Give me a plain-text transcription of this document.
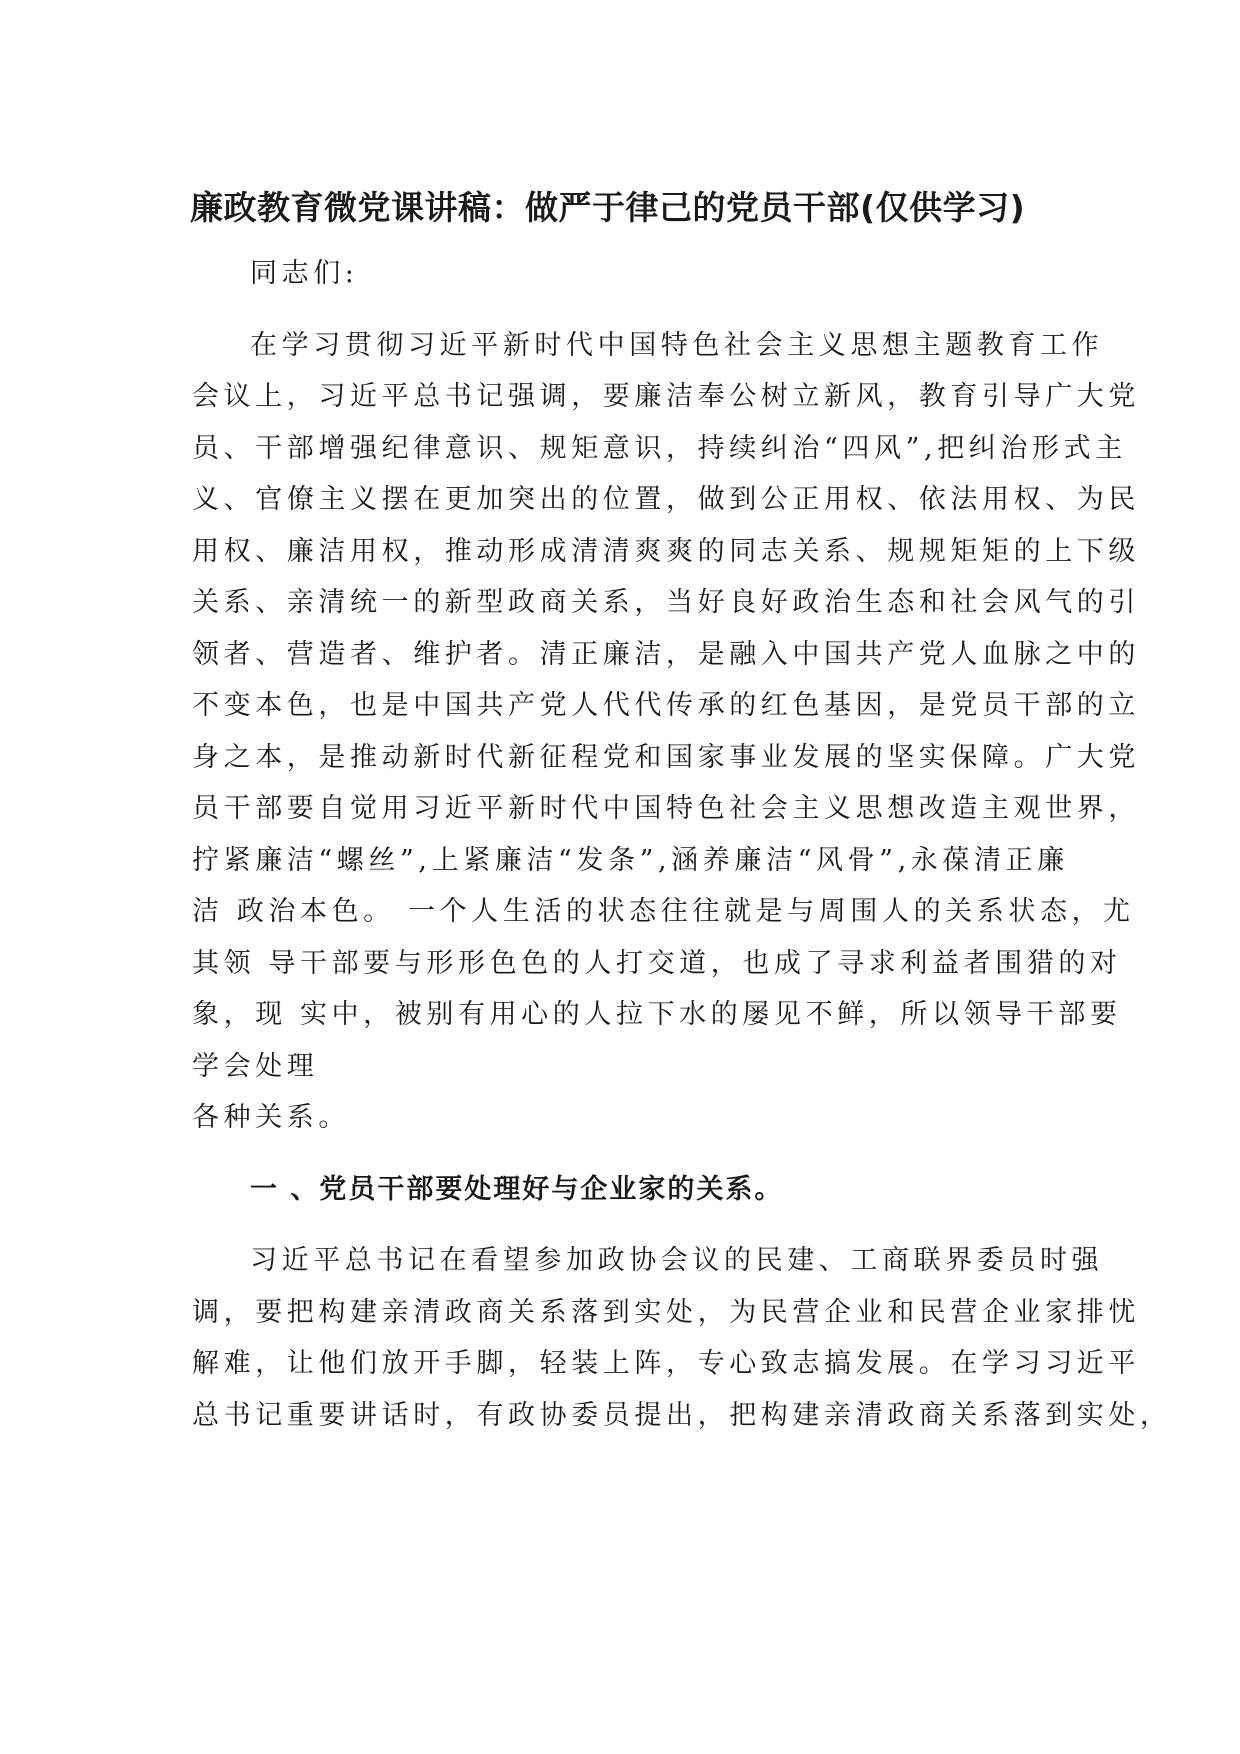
廉政教育微党课讲稿：做严于律己的党员干部(仅供学习)
同志们:
在学习贯彻习近平新时代中国特色社会主义思想主题教育工作
会议上，习近平总书记强调，要廉洁奉公树立新风，教育引导广大党
员、干部增强纪律意识、规矩意识，持续纠治“四风”,把纠治形式主
义、官僚主义摆在更加突出的位置，做到公正用权、依法用权、为民
用权、廉洁用权，推动形成清清爽爽的同志关系、规规矩矩的上下级
关系、亲清统一的新型政商关系，当好良好政治生态和社会风气的引
领者、营造者、维护者。清正廉洁，是融入中国共产党人血脉之中的
不变本色，也是中国共产党人代代传承的红色基因，是党员干部的立
身之本，是推动新时代新征程党和国家事业发展的坚实保障。广大党
员干部要自觉用习近平新时代中国特色社会主义思想改造主观世界，
拧紧廉洁“螺丝”,上紧廉洁“发条”,涵养廉洁“风骨”,永葆清正廉
洁 政治本色。 一个人生活的状态往往就是与周围人的关系状态，尤
其领 导干部要与形形色色的人打交道，也成了寻求利益者围猎的对
象，现 实中，被别有用心的人拉下水的屡见不鲜，所以领导干部要
学会处理
各种关系。
一 、党员干部要处理好与企业家的关系。
习近平总书记在看望参加政协会议的民建、工商联界委员时强
调，要把构建亲清政商关系落到实处，为民营企业和民营企业家排忧
解难，让他们放开手脚，轻装上阵，专心致志搞发展。在学习习近平
总书记重要讲话时，有政协委员提出，把构建亲清政商关系落到实处，
